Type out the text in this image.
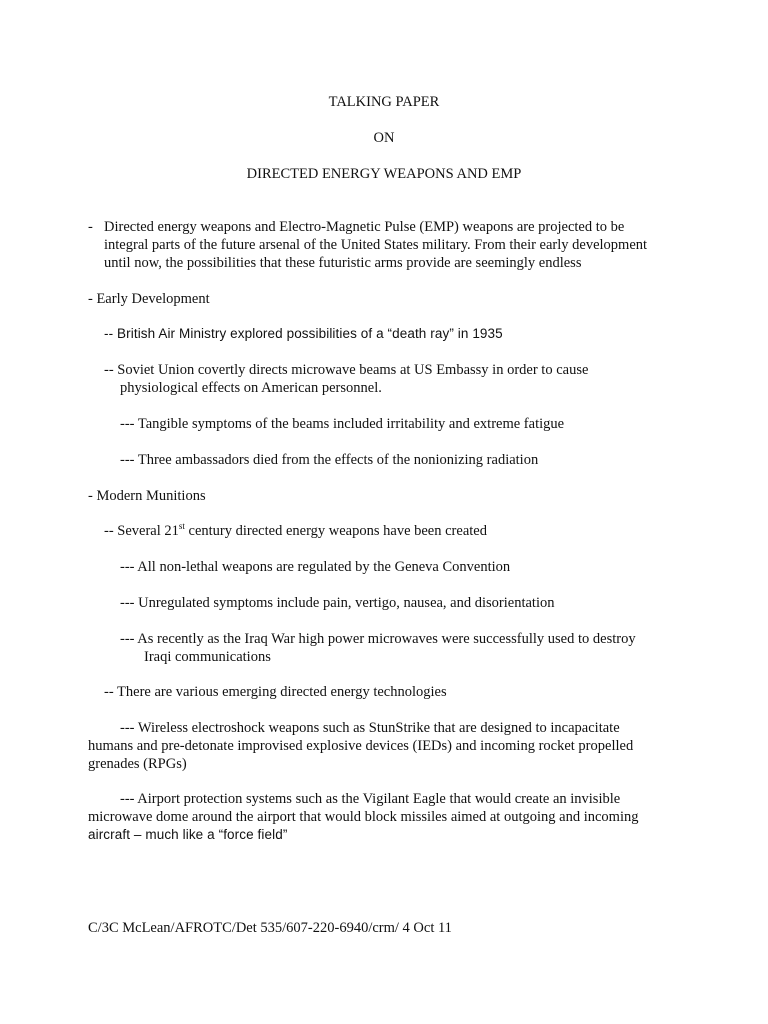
TALKING PAPER

ON

DIRECTED ENERGY WEAPONS AND EMP

- Directed energy weapons and Electro-Magnetic Pulse (EMP) weapons are projected to be

integral parts of the future arsenal of the United States military. From their early development

until now, the possibilities that these futuristic arms provide are seemingly endless

- Early Development

-- British Air Ministry explored possibilities of a “death ray” in 1935

-- Soviet Union covertly directs microwave beams at US Embassy in order to cause

physiological effects on American personnel.

--- Tangible symptoms of the beams included irritability and extreme fatigue

--- Three ambassadors died from the effects of the nonionizing radiation

- Modern Munitions

-- Several 21st century directed energy weapons have been created

--- All non-lethal weapons are regulated by the Geneva Convention

--- Unregulated symptoms include pain, vertigo, nausea, and disorientation

--- As recently as the Iraq War high power microwaves were successfully used to destroy

Iraqi communications

-- There are various emerging directed energy technologies

--- Wireless electroshock weapons such as StunStrike that are designed to incapacitate

humans and pre-detonate improvised explosive devices (IEDs) and incoming rocket propelled

grenades (RPGs)

--- Airport protection systems such as the Vigilant Eagle that would create an invisible

microwave dome around the airport that would block missiles aimed at outgoing and incoming

aircraft – much like a “force field”

C/3C McLean/AFROTC/Det 535/607-220-6940/crm/ 4 Oct 11
